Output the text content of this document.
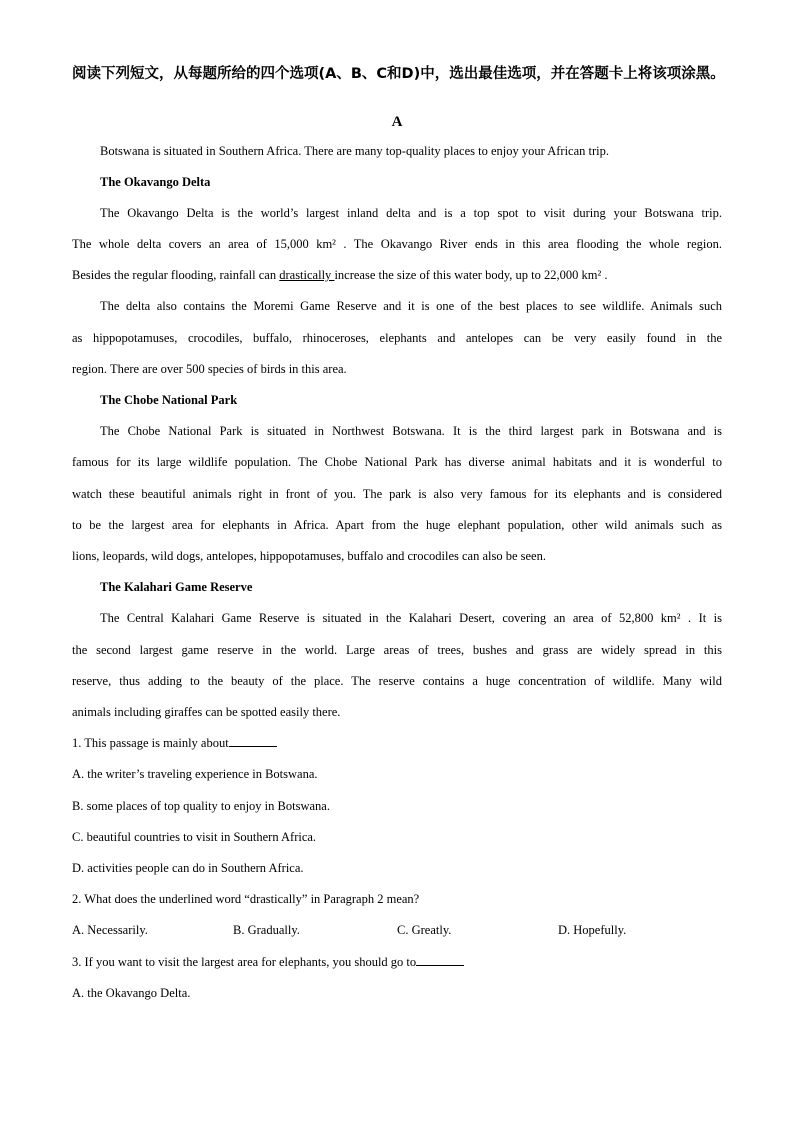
阅读下列短文，从每题所给的四个选项(A、B、C和D)中，选出最佳选项，并在答题卡上将该项涂黑。

A

Botswana is situated in Southern Africa. There are many top-quality places to enjoy your African trip.

The Okavango Delta

The Okavango Delta is the world’s largest inland delta and is a top spot to visit during your Botswana trip.

The whole delta covers an area of 15,000 km² . The Okavango River ends in this area flooding the whole region.

Besides the regular flooding, rainfall can drastically increase the size of this water body, up to 22,000 km² .

The delta also contains the Moremi Game Reserve and it is one of the best places to see wildlife. Animals such

as hippopotamuses, crocodiles, buffalo, rhinoceroses, elephants and antelopes can be very easily found in the

region. There are over 500 species of birds in this area.

The Chobe National Park

The Chobe National Park is situated in Northwest Botswana. It is the third largest park in Botswana and is

famous for its large wildlife population. The Chobe National Park has diverse animal habitats and it is wonderful to

watch these beautiful animals right in front of you. The park is also very famous for its elephants and is considered

to be the largest area for elephants in Africa. Apart from the huge elephant population, other wild animals such as

lions, leopards, wild dogs, antelopes, hippopotamuses, buffalo and crocodiles can also be seen.

The Kalahari Game Reserve

The Central Kalahari Game Reserve is situated in the Kalahari Desert, covering an area of 52,800 km² . It is

the second largest game reserve in the world. Large areas of trees, bushes and grass are widely spread in this

reserve, thus adding to the beauty of the place. The reserve contains a huge concentration of wildlife. Many wild

animals including giraffes can be spotted easily there.

1. This passage is mainly about

A. the writer’s traveling experience in Botswana.

B. some places of top quality to enjoy in Botswana.

C. beautiful countries to visit in Southern Africa.

D. activities people can do in Southern Africa.

2. What does the underlined word “drastically” in Paragraph 2 mean?

A. Necessarily.	B. Gradually.	C. Greatly.	D. Hopefully.

3. If you want to visit the largest area for elephants, you should go to

A. the Okavango Delta.
